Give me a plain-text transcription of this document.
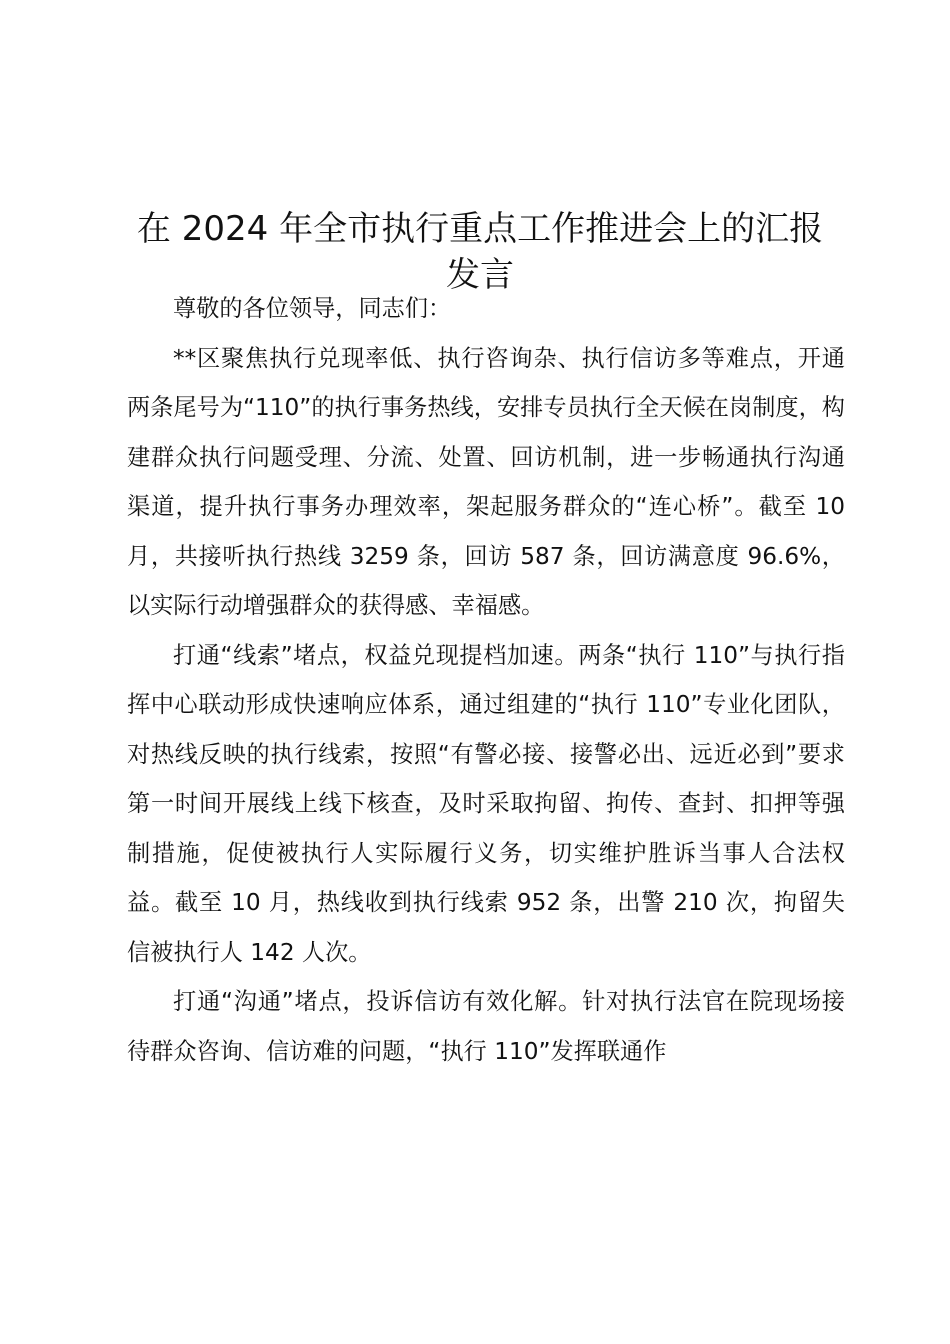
在 2024 年全市执行重点工作推进会上的汇报
发言

尊敬的各位领导，同志们：

**区聚焦执行兑现率低、执行咨询杂、执行信访多等难点，开通两条尾号为“110”的执行事务热线，安排专员执行全天候在岗制度，构建群众执行问题受理、分流、处置、回访机制，进一步畅通执行沟通渠道，提升执行事务办理效率，架起服务群众的“连心桥”。截至 10 月，共接听执行热线 3259 条，回访 587 条，回访满意度 96.6%，以实际行动增强群众的获得感、幸福感。

打通“线索”堵点，权益兑现提档加速。两条“执行 110”与执行指挥中心联动形成快速响应体系，通过组建的“执行 110”专业化团队，对热线反映的执行线索，按照“有警必接、接警必出、远近必到”要求第一时间开展线上线下核查，及时采取拘留、拘传、查封、扣押等强制措施，促使被执行人实际履行义务，切实维护胜诉当事人合法权益。截至 10 月，热线收到执行线索 952 条，出警 210 次，拘留失信被执行人 142 人次。

打通“沟通”堵点，投诉信访有效化解。针对执行法官在院现场接待群众咨询、信访难的问题，“执行 110”发挥联通作
